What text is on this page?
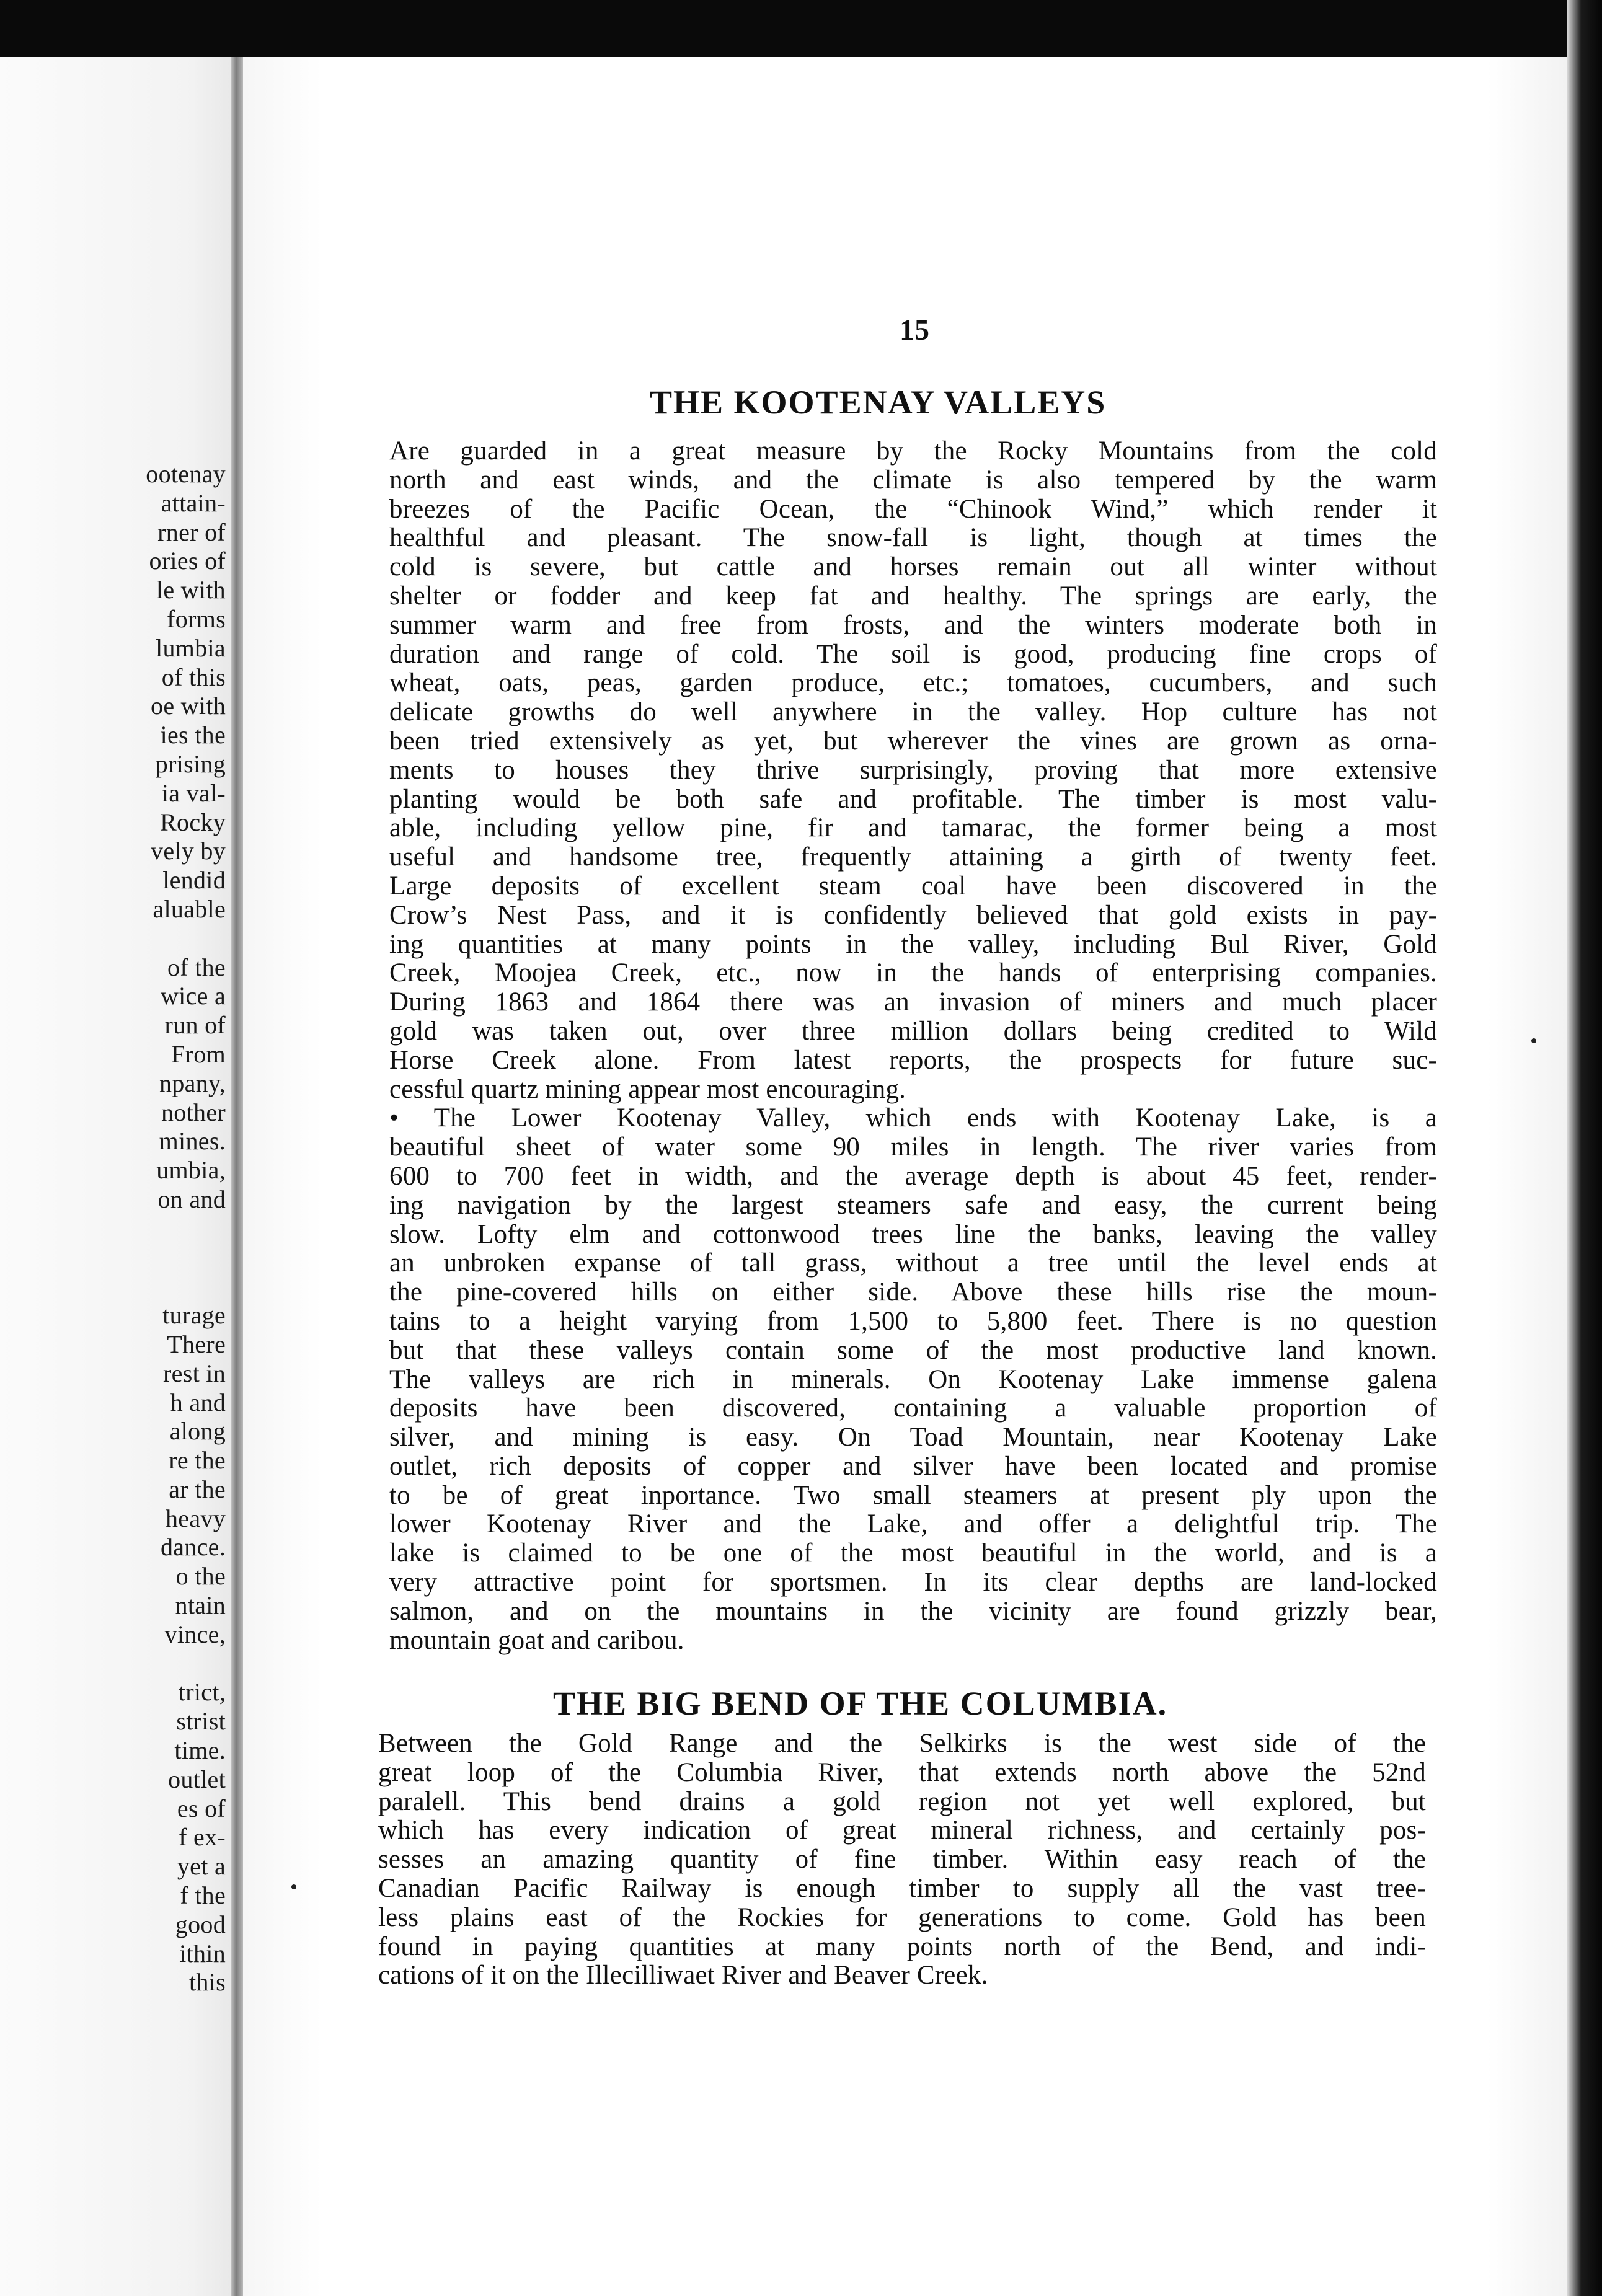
ootenay
attain-
rner of
ories of
le with
forms
lumbia
of this
oe with
ies the
prising
ia val-
Rocky
vely by
lendid
aluable
of the
wice a
run of
From
npany,
nother
mines.
umbia,
on and
turage
There
rest in
h and
along
re the
ar the
heavy
dance.
o the
ntain
vince,
trict,
strist
time.
outlet
es of
f ex-
yet a
f the
good
ithin
this
15
THE KOOTENAY VALLEYS
Are guarded in a great measure by the Rocky Mountains from the cold
north and east winds, and the climate is also tempered by the warm
breezes of the Pacific Ocean, the “Chinook Wind,” which render it
healthful and pleasant. The snow-fall is light, though at times the
cold is severe, but cattle and horses remain out all winter without
shelter or fodder and keep fat and healthy. The springs are early, the
summer warm and free from frosts, and the winters moderate both in
duration and range of cold. The soil is good, producing fine crops of
wheat, oats, peas, garden produce, etc.; tomatoes, cucumbers, and such
delicate growths do well anywhere in the valley. Hop culture has not
been tried extensively as yet, but wherever the vines are grown as orna-
ments to houses they thrive surprisingly, proving that more extensive
planting would be both safe and profitable. The timber is most valu-
able, including yellow pine, fir and tamarac, the former being a most
useful and handsome tree, frequently attaining a girth of twenty feet.
Large deposits of excellent steam coal have been discovered in the
Crow’s Nest Pass, and it is confidently believed that gold exists in pay-
ing quantities at many points in the valley, including Bul River, Gold
Creek, Moojea Creek, etc., now in the hands of enterprising companies.
During 1863 and 1864 there was an invasion of miners and much placer
gold was taken out, over three million dollars being credited to Wild
Horse Creek alone. From latest reports, the prospects for future suc-
cessful quartz mining appear most encouraging.
• The Lower Kootenay Valley, which ends with Kootenay Lake, is a
beautiful sheet of water some 90 miles in length. The river varies from
600 to 700 feet in width, and the average depth is about 45 feet, render-
ing navigation by the largest steamers safe and easy, the current being
slow. Lofty elm and cottonwood trees line the banks, leaving the valley
an unbroken expanse of tall grass, without a tree until the level ends at
the pine-covered hills on either side. Above these hills rise the moun-
tains to a height varying from 1,500 to 5,800 feet. There is no question
but that these valleys contain some of the most productive land known.
The valleys are rich in minerals. On Kootenay Lake immense galena
deposits have been discovered, containing a valuable proportion of
silver, and mining is easy. On Toad Mountain, near Kootenay Lake
outlet, rich deposits of copper and silver have been located and promise
to be of great inportance. Two small steamers at present ply upon the
lower Kootenay River and the Lake, and offer a delightful trip. The
lake is claimed to be one of the most beautiful in the world, and is a
very attractive point for sportsmen. In its clear depths are land-locked
salmon, and on the mountains in the vicinity are found grizzly bear,
mountain goat and caribou.
THE BIG BEND OF THE COLUMBIA.
Between the Gold Range and the Selkirks is the west side of the
great loop of the Columbia River, that extends north above the 52nd
paralell. This bend drains a gold region not yet well explored, but
which has every indication of great mineral richness, and certainly pos-
sesses an amazing quantity of fine timber. Within easy reach of the
Canadian Pacific Railway is enough timber to supply all the vast tree-
less plains east of the Rockies for generations to come. Gold has been
found in paying quantities at many points north of the Bend, and indi-
cations of it on the Illecilliwaet River and Beaver Creek.
